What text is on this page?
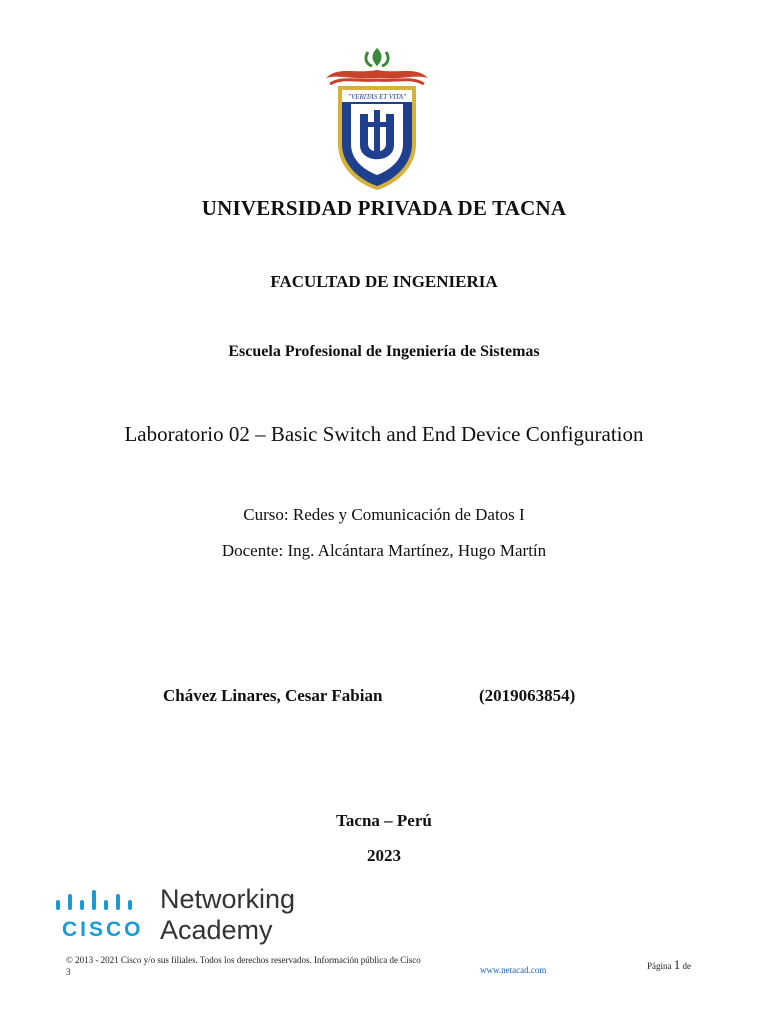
"VERITAS ET VITA"
UNIVERSIDAD PRIVADA DE TACNA
FACULTAD DE INGENIERIA
Escuela Profesional de Ingeniería de Sistemas
Laboratorio 02 – Basic Switch and End Device Configuration
Curso: Redes y Comunicación de Datos I
Docente: Ing. Alcántara Martínez, Hugo Martín
Chávez Linares, Cesar Fabian	(2019063854)
Tacna – Perú
2023
CISCO
Networking
Academy
© 2013 - 2021 Cisco y/o sus filiales. Todos los derechos reservados. Información pública de Cisco
3	www.netacad.com	Página 1 de
